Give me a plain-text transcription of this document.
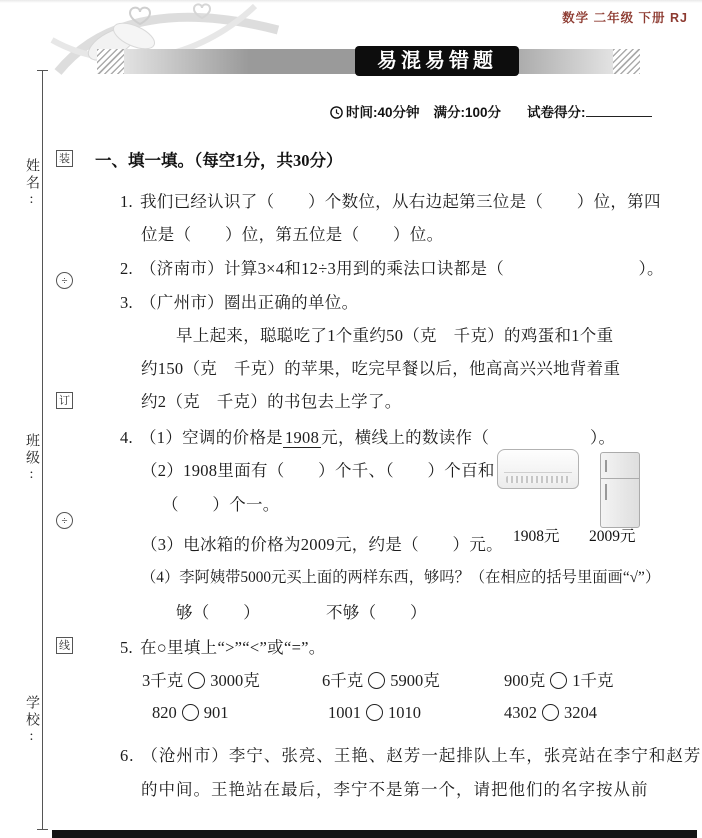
数学 二年级 下册 RJ
易混易错题
时间:40分钟 满分:100分 试卷得分:
姓名:
班级:
学校:
装
÷
订
÷
线
一、填一填。（每空1分，共30分）
1. 我们已经认识了（　　）个数位，从右边起第三位是（　　）位，第四
位是（　　）位，第五位是（　　）位。
2. （济南市）计算3×4和12÷3用到的乘法口诀都是（　　　　　　　　）。
3. （广州市）圈出正确的单位。
早上起来，聪聪吃了1个重约50（克　千克）的鸡蛋和1个重
约150（克　千克）的苹果，吃完早餐以后，他高高兴兴地背着重
约2（克　千克）的书包去上学了。
4. （1）空调的价格是 1908 元，横线上的数读作（　　　　　　）。
（2）1908里面有（　　）个千、（　　）个百和
（　　）个一。
（3）电冰箱的价格为2009元，约是（　　）元。
（4）李阿姨带5000元买上面的两样东西，够吗？（在相应的括号里面画“√”）
够（　　）	不够（　　）
1908元 2009元
5. 在○里填上“>”“<”或“=”。
3千克 3000克	6千克 5900克	900克 1千克
820 901	1001 1010	4302 3204
6. （沧州市）李宁、张亮、王艳、赵芳一起排队上车，张亮站在李宁和赵芳
的中间。王艳站在最后，李宁不是第一个，请把他们的名字按从前
